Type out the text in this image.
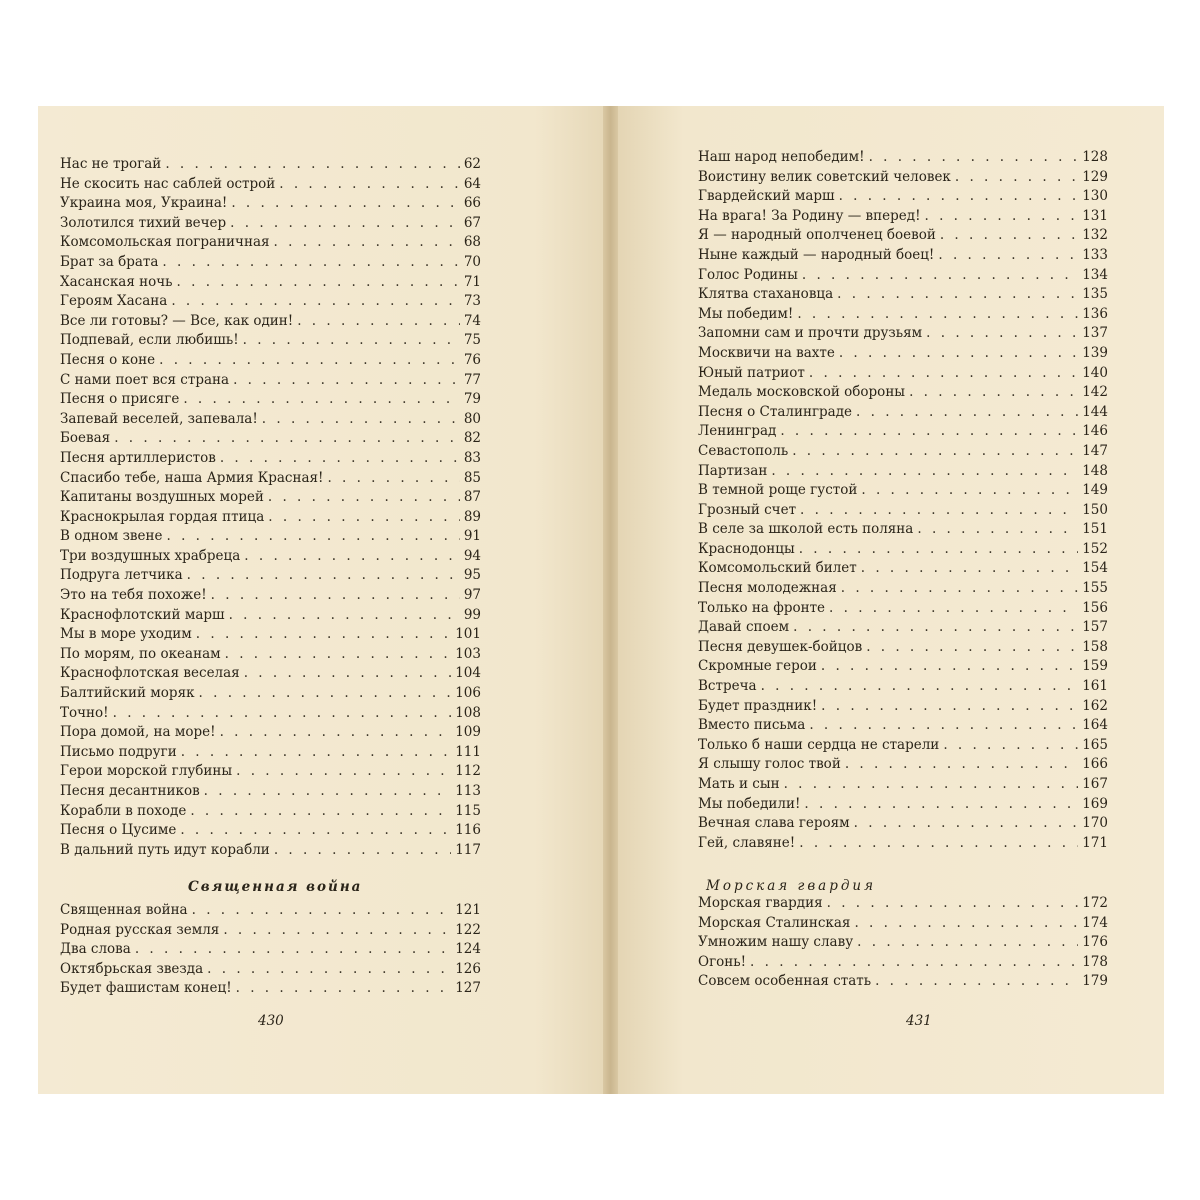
Нас не трогай . . .	62
Не скосить нас саблей острой . . .	64
Украина моя, Украина! . . .	66
Золотился тихий вечер . . .	67
Комсомольская пограничная . . .	68
Брат за брата . . .	70
Хасанская ночь . . .	71
Героям Хасана . . .	73
Все ли готовы? — Все, как один! . . .	74
Подпевай, если любишь! . . .	75
Песня о коне . . .	76
С нами поет вся страна . . .	77
Песня о присяге . . .	79
Запевай веселей, запевала! . . .	80
Боевая . . .	82
Песня артиллеристов . . .	83
Спасибо тебе, наша Армия Красная! . . .	85
Капитаны воздушных морей . . .	87
Краснокрылая гордая птица . . .	89
В одном звене . . .	91
Три воздушных храбреца . . .	94
Подруга летчика . . .	95
Это на тебя похоже! . . .	97
Краснофлотский марш . . .	99
Мы в море уходим . . .	101
По морям, по океанам . . .	103
Краснофлотская веселая . . .	104
Балтийский моряк . . .	106
Точно! . . .	108
Пора домой, на море! . . .	109
Письмо подруги . . .	111
Герои морской глубины . . .	112
Песня десантников . . .	113
Корабли в походе . . .	115
Песня о Цусиме . . .	116
В дальний путь идут корабли . . .	117
Священная война
Священная война . . .	121
Родная русская земля . . .	122
Два слова . . .	124
Октябрьская звезда . . .	126
Будет фашистам конец! . . .	127
430
Наш народ непобедим! . . .	128
Воистину велик советский человек . . .	129
Гвардейский марш . . .	130
На врага! За Родину — вперед! . . .	131
Я — народный ополченец боевой . . .	132
Ныне каждый — народный боец! . . .	133
Голос Родины . . .	134
Клятва стахановца . . .	135
Мы победим! . . .	136
Запомни сам и прочти друзьям . . .	137
Москвичи на вахте . . .	139
Юный патриот . . .	140
Медаль московской обороны . . .	142
Песня о Сталинграде . . .	144
Ленинград . . .	146
Севастополь . . .	147
Партизан . . .	148
В темной роще густой . . .	149
Грозный счет . . .	150
В селе за школой есть поляна . . .	151
Краснодонцы . . .	152
Комсомольский билет . . .	154
Песня молодежная . . .	155
Только на фронте . . .	156
Давай споем . . .	157
Песня девушек-бойцов . . .	158
Скромные герои . . .	159
Встреча . . .	161
Будет праздник! . . .	162
Вместо письма . . .	164
Только б наши сердца не старели . . .	165
Я слышу голос твой . . .	166
Мать и сын . . .	167
Мы победили! . . .	169
Вечная слава героям . . .	170
Гей, славяне! . . .	171
Морская гвардия
Морская гвардия . . .	172
Морская Сталинская . . .	174
Умножим нашу славу . . .	176
Огонь! . . .	178
Совсем особенная стать . . .	179
431
